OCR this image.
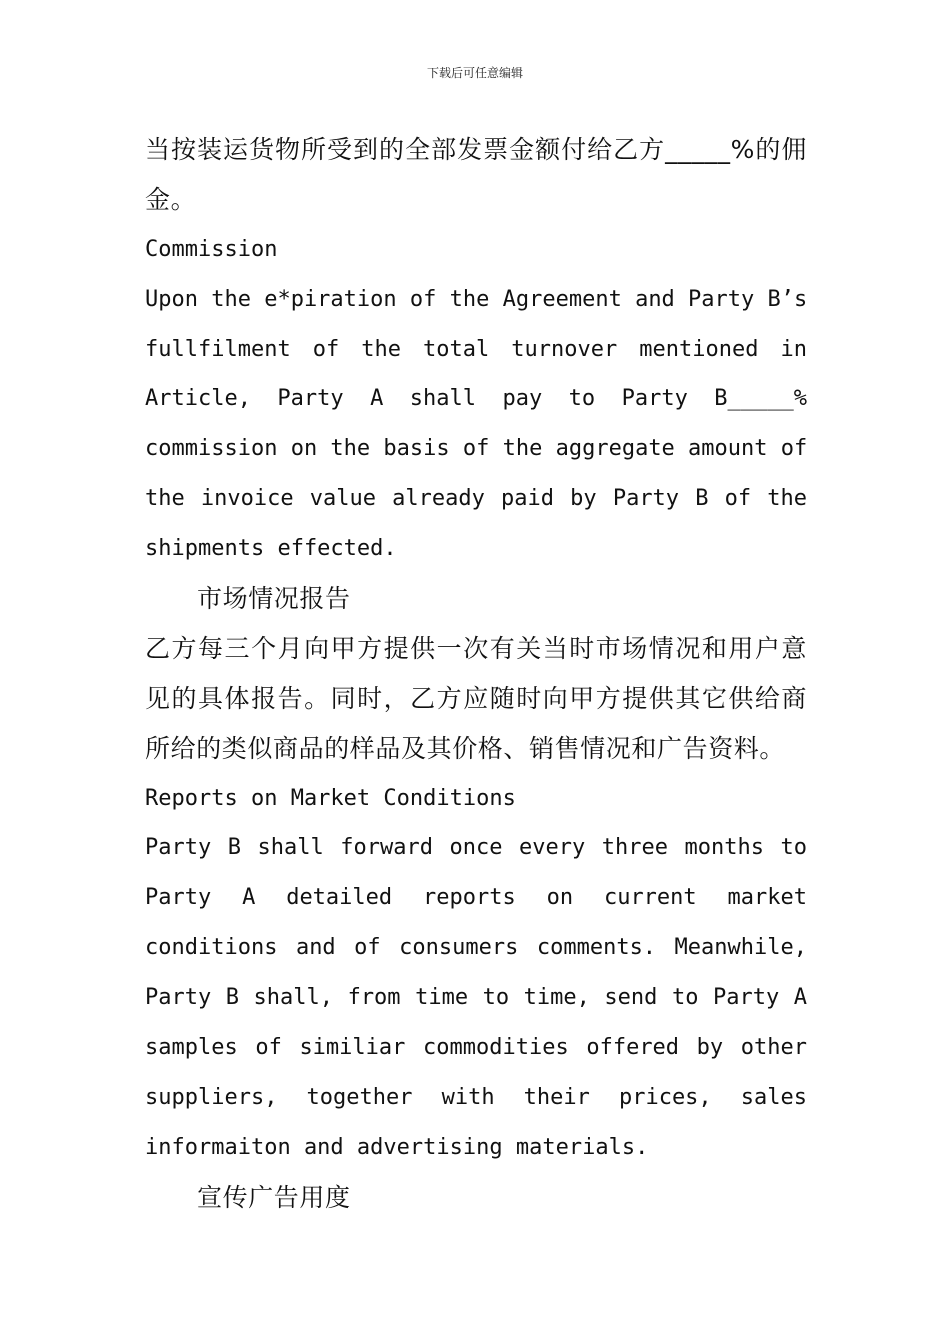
下载后可任意编辑
当按装运货物所受到的全部发票金额付给乙方_____%的佣
金。
Commission
Upon the e*piration of the Agreement and Party B’s
fullfilment of the total turnover mentioned in
Article, Party A shall pay to Party B_____%
commission on the basis of the aggregate amount of
the invoice value already paid by Party B of the
shipments effected.
市场情况报告
乙方每三个月向甲方提供一次有关当时市场情况和用户意
见的具体报告。同时，乙方应随时向甲方提供其它供给商
所给的类似商品的样品及其价格、销售情况和广告资料。
Reports on Market Conditions
Party B shall forward once every three months to
Party A detailed reports on current market
conditions and of consumers comments. Meanwhile,
Party B shall, from time to time, send to Party A
samples of similiar commodities offered by other
suppliers, together with their prices, sales
informaiton and advertising materials.
宣传广告用度
